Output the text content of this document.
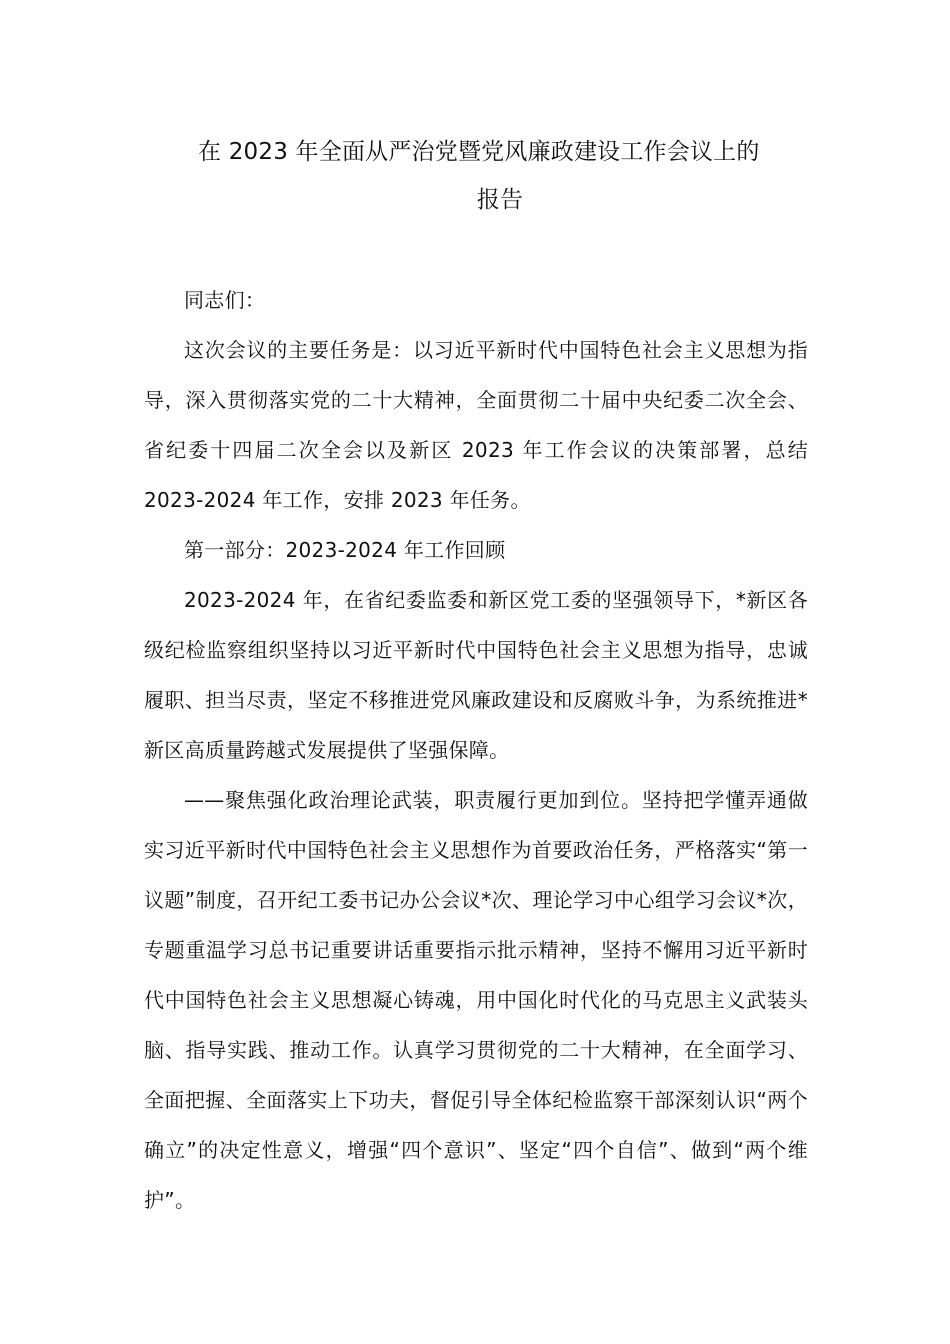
在 2023 年全面从严治党暨党风廉政建设工作会议上的
报告

同志们：

这次会议的主要任务是：以习近平新时代中国特色社会主义思想为指导，深入贯彻落实党的二十大精神，全面贯彻二十届中央纪委二次全会、省纪委十四届二次全会以及新区 2023 年工作会议的决策部署，总结 2023-2024 年工作，安排 2023 年任务。

第一部分：2023-2024 年工作回顾

2023-2024 年，在省纪委监委和新区党工委的坚强领导下，*新区各级纪检监察组织坚持以习近平新时代中国特色社会主义思想为指导，忠诚履职、担当尽责，坚定不移推进党风廉政建设和反腐败斗争，为系统推进*新区高质量跨越式发展提供了坚强保障。

——聚焦强化政治理论武装，职责履行更加到位。坚持把学懂弄通做实习近平新时代中国特色社会主义思想作为首要政治任务，严格落实“第一议题”制度，召开纪工委书记办公会议*次、理论学习中心组学习会议*次，专题重温学习总书记重要讲话重要指示批示精神，坚持不懈用习近平新时代中国特色社会主义思想凝心铸魂，用中国化时代化的马克思主义武装头脑、指导实践、推动工作。认真学习贯彻党的二十大精神，在全面学习、全面把握、全面落实上下功夫，督促引导全体纪检监察干部深刻认识“两个确立”的决定性意义，增强“四个意识”、坚定“四个自信”、做到“两个维护”。
